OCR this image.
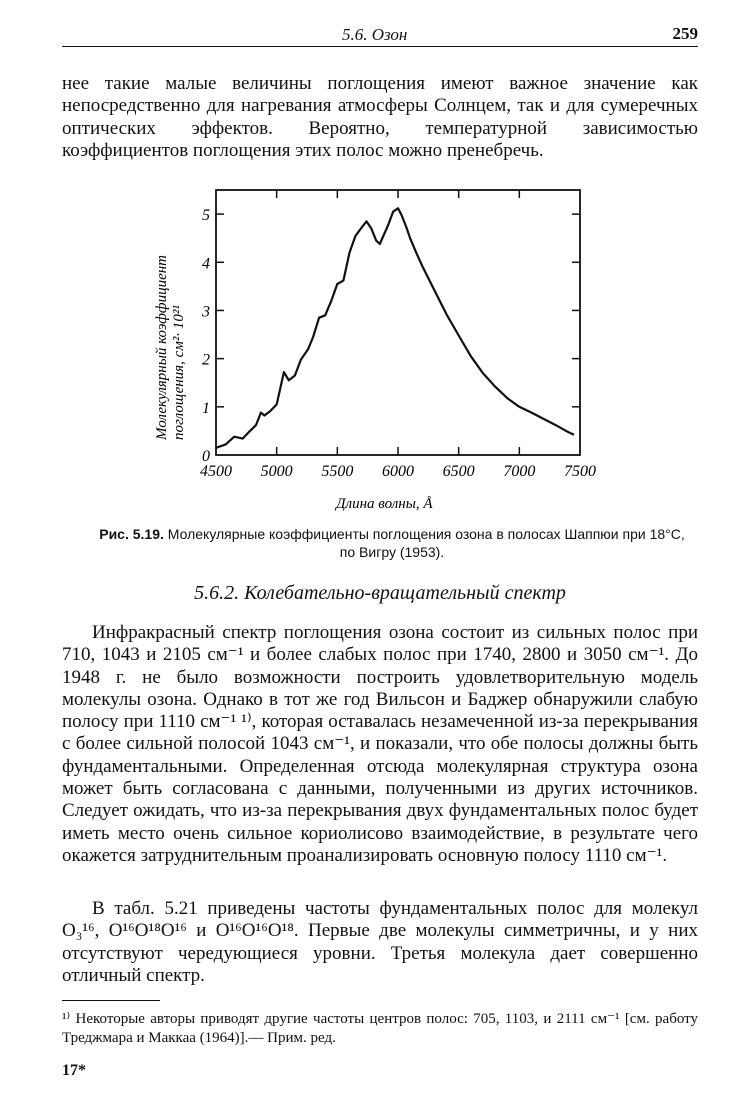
5.6. Озон	259

нее такие малые величины поглощения имеют важное значение как непосредственно для нагревания атмосферы Солнцем, так и для сумеречных оптических эффектов. Вероятно, температурной зависимостью коэффициентов поглощения этих полос можно пренебречь.

0
1
2
3
4
5
4500 5000 5500 6000 6500 7000 7500
Молекулярный коэффициент поглощения, см²· 10²¹
Длина волны, Å
Рис. 5.19. Молекулярные коэффициенты поглощения озона в полосах Шаппюи при 18°C, по Вигру (1953).
5.6.2. Колебательно-вращательный спектр

Инфракрасный спектр поглощения озона состоит из сильных полос при 710, 1043 и 2105 см⁻¹ и более слабых полос при 1740, 2800 и 3050 см⁻¹. До 1948 г. не было возможности построить удовлетворительную модель молекулы озона. Однако в тот же год Вильсон и Баджер обнаружили слабую полосу при 1110 см⁻¹ ¹⁾, которая оставалась незамеченной из-за перекрывания с более сильной полосой 1043 см⁻¹, и показали, что обе полосы должны быть фундаментальными. Определенная отсюда молекулярная структура озона может быть согласована с данными, полученными из других источников. Следует ожидать, что из-за перекрывания двух фундаментальных полос будет иметь место очень сильное кориолисово взаимодействие, в результате чего окажется затруднительным проанализировать основную полосу 1110 см⁻¹.

В табл. 5.21 приведены частоты фундаментальных полос для молекул O₃¹⁶, O¹⁶O¹⁸O¹⁶ и O¹⁶O¹⁶O¹⁸. Первые две молекулы симметричны, и у них отсутствуют чередующиеся уровни. Третья молекула дает совершенно отличный спектр.

¹⁾ Некоторые авторы приводят другие частоты центров полос: 705, 1103, и 2111 см⁻¹ [см. работу Треджмара и Маккаа (1964)].— Прим. ред.

17*
